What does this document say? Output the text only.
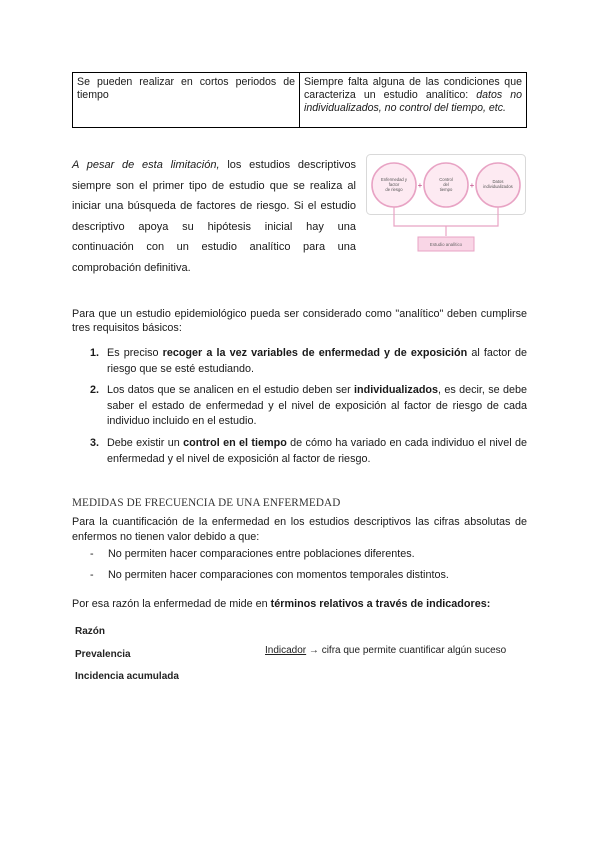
Se pueden realizar en cortos periodos de tiempo	Siempre falta alguna de las condiciones que caracteriza un estudio analítico: datos no individualizados, no control del tiempo, etc.
A pesar de esta limitación, los estudios descriptivos siempre son el primer tipo de estudio que se realiza al iniciar una búsqueda de factores de riesgo. Si el estudio descriptivo apoya su hipótesis inicial hay una continuación con un estudio analítico para una comprobación definitiva.
+	+
Enfermedad y
factor
de riesgo
Control
del
tiempo
Datos
individualizados
Estudio analítico
Para que un estudio epidemiológico pueda ser considerado como "analítico" deben cumplirse tres requisitos básicos:
1. Es preciso recoger a la vez variables de enfermedad y de exposición al factor de riesgo que se esté estudiando.
2. Los datos que se analicen en el estudio deben ser individualizados, es decir, se debe saber el estado de enfermedad y el nivel de exposición al factor de riesgo de cada individuo incluido en el estudio.
3. Debe existir un control en el tiempo de cómo ha variado en cada individuo el nivel de enfermedad y el nivel de exposición al factor de riesgo.
MEDIDAS DE FRECUENCIA DE UNA ENFERMEDAD
Para la cuantificación de la enfermedad en los estudios descriptivos las cifras absolutas de enfermos no tienen valor debido a que:
- No permiten hacer comparaciones entre poblaciones diferentes.
- No permiten hacer comparaciones con momentos temporales distintos.
Por esa razón la enfermedad de mide en términos relativos a través de indicadores:
Razón
Prevalencia
Incidencia acumulada
Indicador → cifra que permite cuantificar algún suceso
